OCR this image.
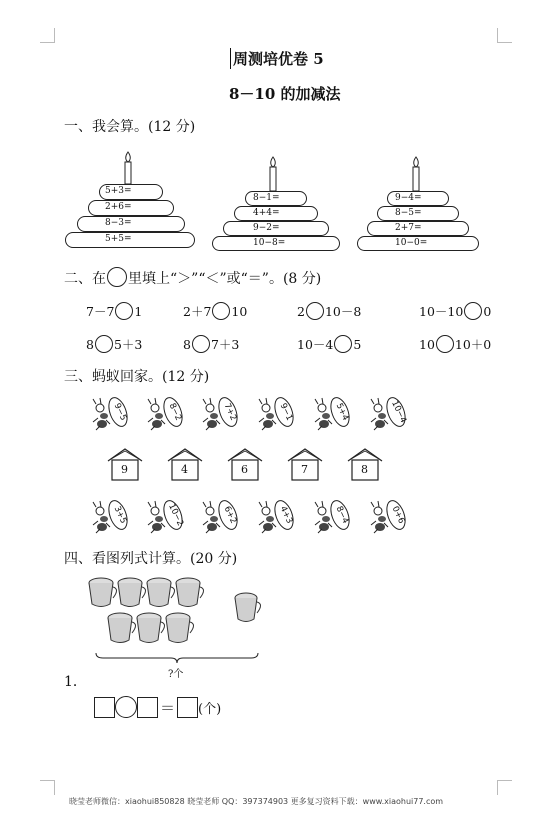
周测培优卷 5
8－10 的加减法
一、我会算。(12 分)
5+3=
2+6=
8−3=
5+5=
8−1=
4+4=
9−2=
10−8=
9−4=
8−5=
2+7=
10−0=
二、在 里填上“＞”“＜”或“＝”。(8 分)
7－7 1	2＋7 10	2 10－8	10－10 0
8 5＋3	8 7＋3	10－4 5	10 10＋0
三、蚂蚁回家。(12 分)
9−5	8−2	7+2	9−1	5+4	10−4
9	4	6	7	8
3+5	10−2	6+2	4+3	8−4	0+6
四、看图列式计算。(20 分)
?个
1．
＝ (个)
晓莹老师微信：xiaohui850828 晓莹老师 QQ：397374903 更多复习资料下载：www.xiaohui77.com
